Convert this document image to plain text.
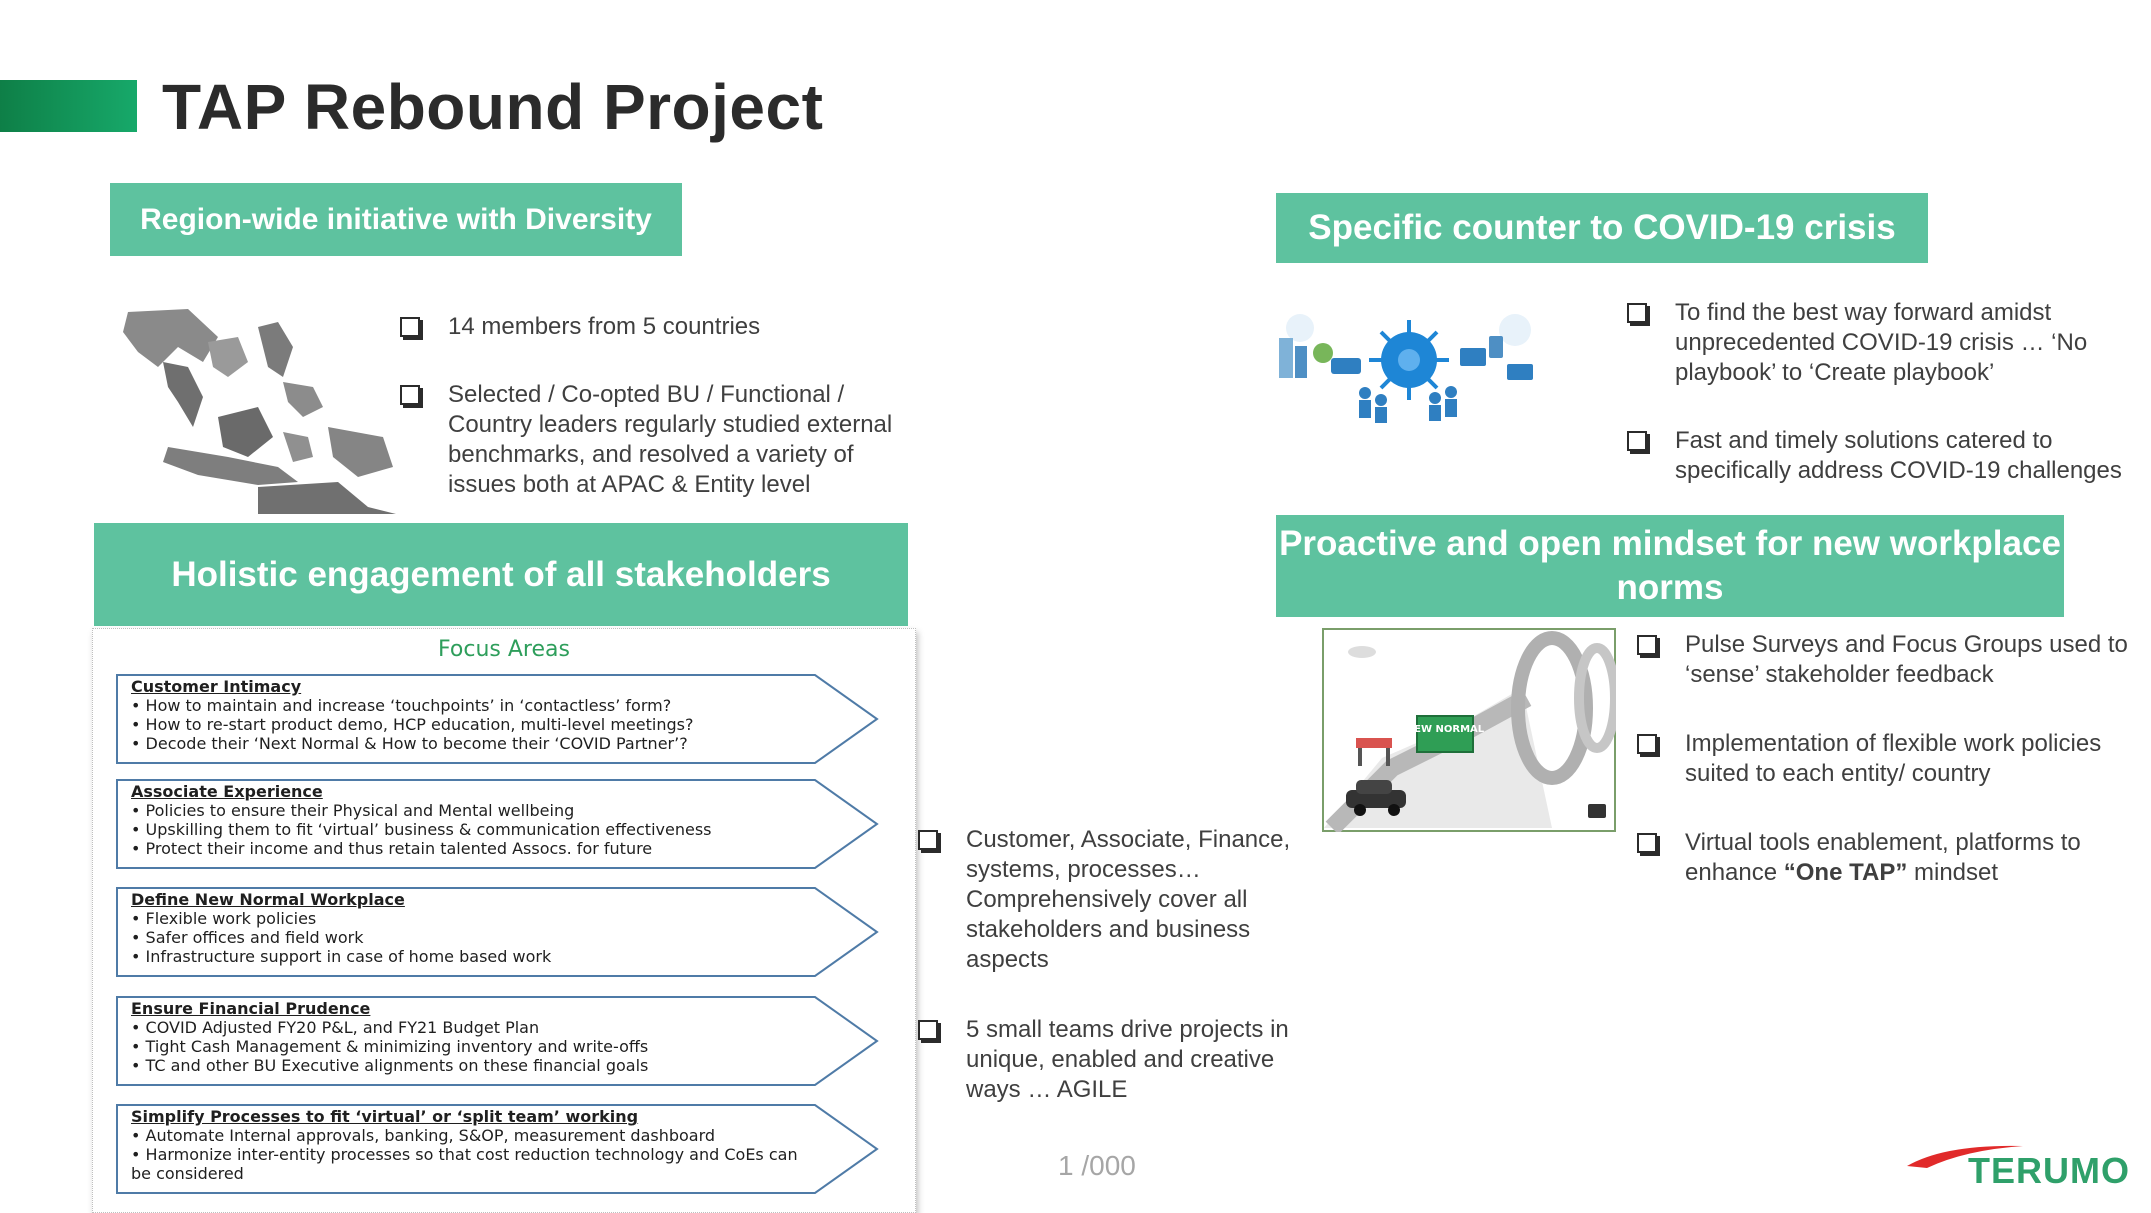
TAP Rebound Project
Region-wide initiative with Diversity
14 members from 5 countries
Selected / Co-opted BU / Functional / Country leaders regularly studied external benchmarks, and resolved a variety of issues both at APAC & Entity level
Holistic engagement of all stakeholders
Focus Areas
Customer Intimacy
• How to maintain and increase ‘touchpoints’ in ‘contactless’ form?
• How to re-start product demo, HCP education, multi-level meetings?
• Decode their ‘Next Normal & How to become their ‘COVID Partner’?
Associate Experience
• Policies to ensure their Physical and Mental wellbeing
• Upskilling them to fit ‘virtual’ business & communication effectiveness
• Protect their income and thus retain talented Assocs. for future
Define New Normal Workplace
• Flexible work policies
• Safer offices and field work
• Infrastructure support in case of home based work
Ensure Financial Prudence
• COVID Adjusted FY20 P&L, and FY21 Budget Plan
• Tight Cash Management & minimizing inventory and write-offs
• TC and other BU Executive alignments on these financial goals
Simplify Processes to fit ‘virtual’ or ‘split team’ working
• Automate Internal approvals, banking, S&OP, measurement dashboard
• Harmonize inter-entity processes so that cost reduction technology and CoEs can be considered
Customer, Associate, Finance, systems, processes… Comprehensively cover all stakeholders and business aspects
5 small teams drive projects in unique, enabled and creative ways … AGILE
Specific counter to COVID-19 crisis
To find the best way forward amidst unprecedented COVID-19 crisis … ‘No playbook’ to ‘Create playbook’
Fast and timely solutions catered to specifically address COVID-19 challenges
Proactive and open mindset for new workplace norms
NEW NORMAL
Pulse Surveys and Focus Groups used to ‘sense’ stakeholder feedback
Implementation of flexible work policies suited to each entity/ country
Virtual tools enablement, platforms to enhance “One TAP” mindset
1 /000	TERUMO
